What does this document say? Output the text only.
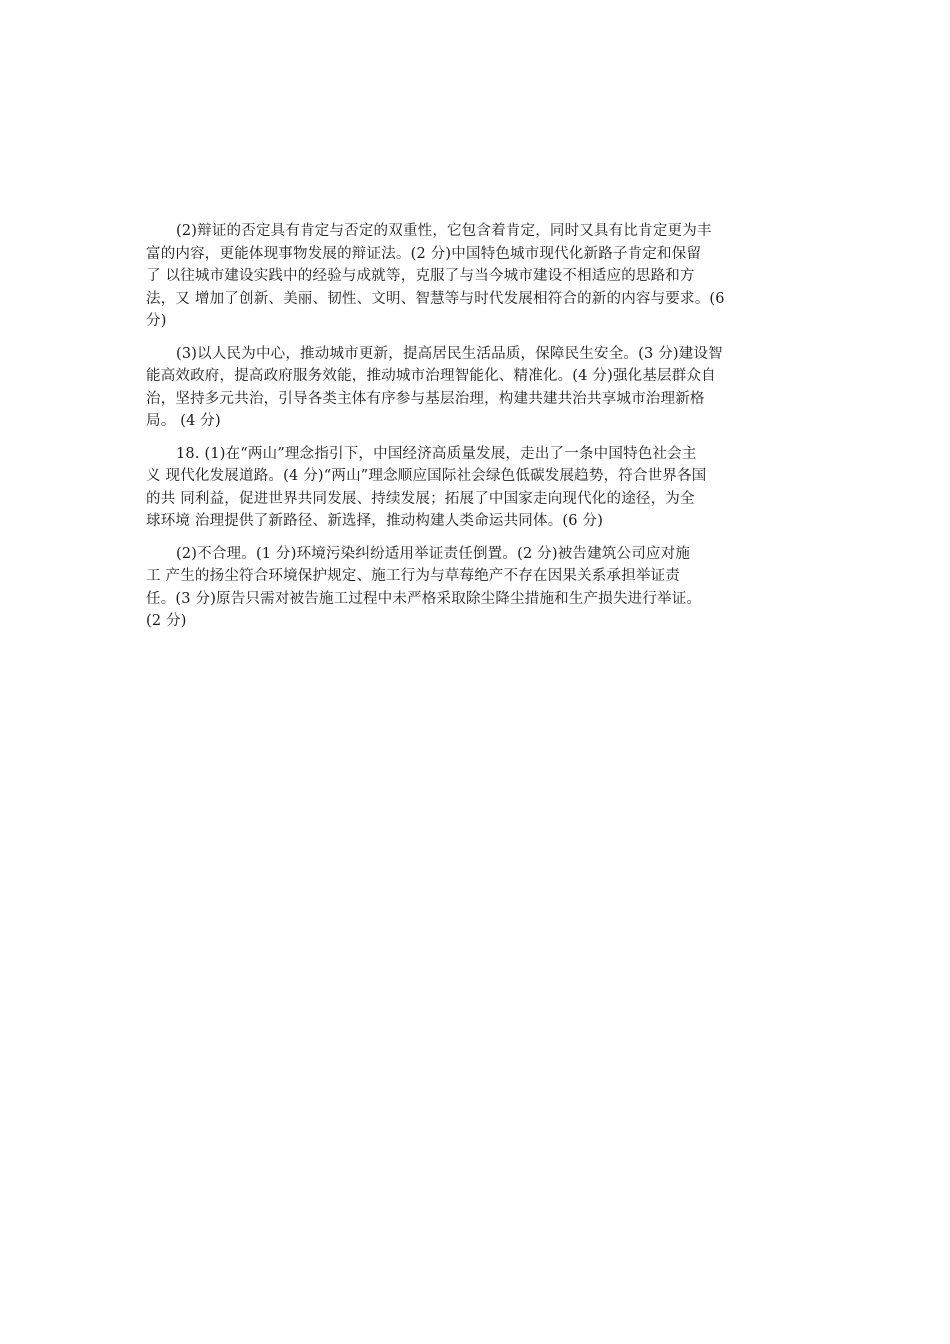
(2)辩证的否定具有肯定与否定的双重性，它包含着肯定，同时又具有比肯定更为丰
富的内容，更能体现事物发展的辩证法。(2 分)中国特色城市现代化新路子肯定和保留
了 以往城市建设实践中的经验与成就等，克服了与当今城市建设不相适应的思路和方
法，又 增加了创新、美丽、韧性、文明、智慧等与时代发展相符合的新的内容与要求。(6
分)
(3)以人民为中心，推动城市更新，提高居民生活品质，保障民生安全。(3 分)建设智
能高效政府，提高政府服务效能，推动城市治理智能化、精准化。(4 分)强化基层群众自
治，坚持多元共治，引导各类主体有序参与基层治理，构建共建共治共享城市治理新格
局。 (4 分)
18. (1)在“两山”理念指引下，中国经济高质量发展，走出了一条中国特色社会主
义 现代化发展道路。(4 分)“两山”理念顺应国际社会绿色低碳发展趋势，符合世界各国
的共 同利益，促进世界共同发展、持续发展；拓展了中国家走向现代化的途径，为全
球环境 治理提供了新路径、新选择，推动构建人类命运共同体。(6 分)
(2)不合理。(1 分)环境污染纠纷适用举证责任倒置。(2 分)被告建筑公司应对施
工 产生的扬尘符合环境保护规定、施工行为与草莓绝产不存在因果关系承担举证责
任。(3 分)原告只需对被告施工过程中未严格采取除尘降尘措施和生产损失进行举证。
(2 分)
